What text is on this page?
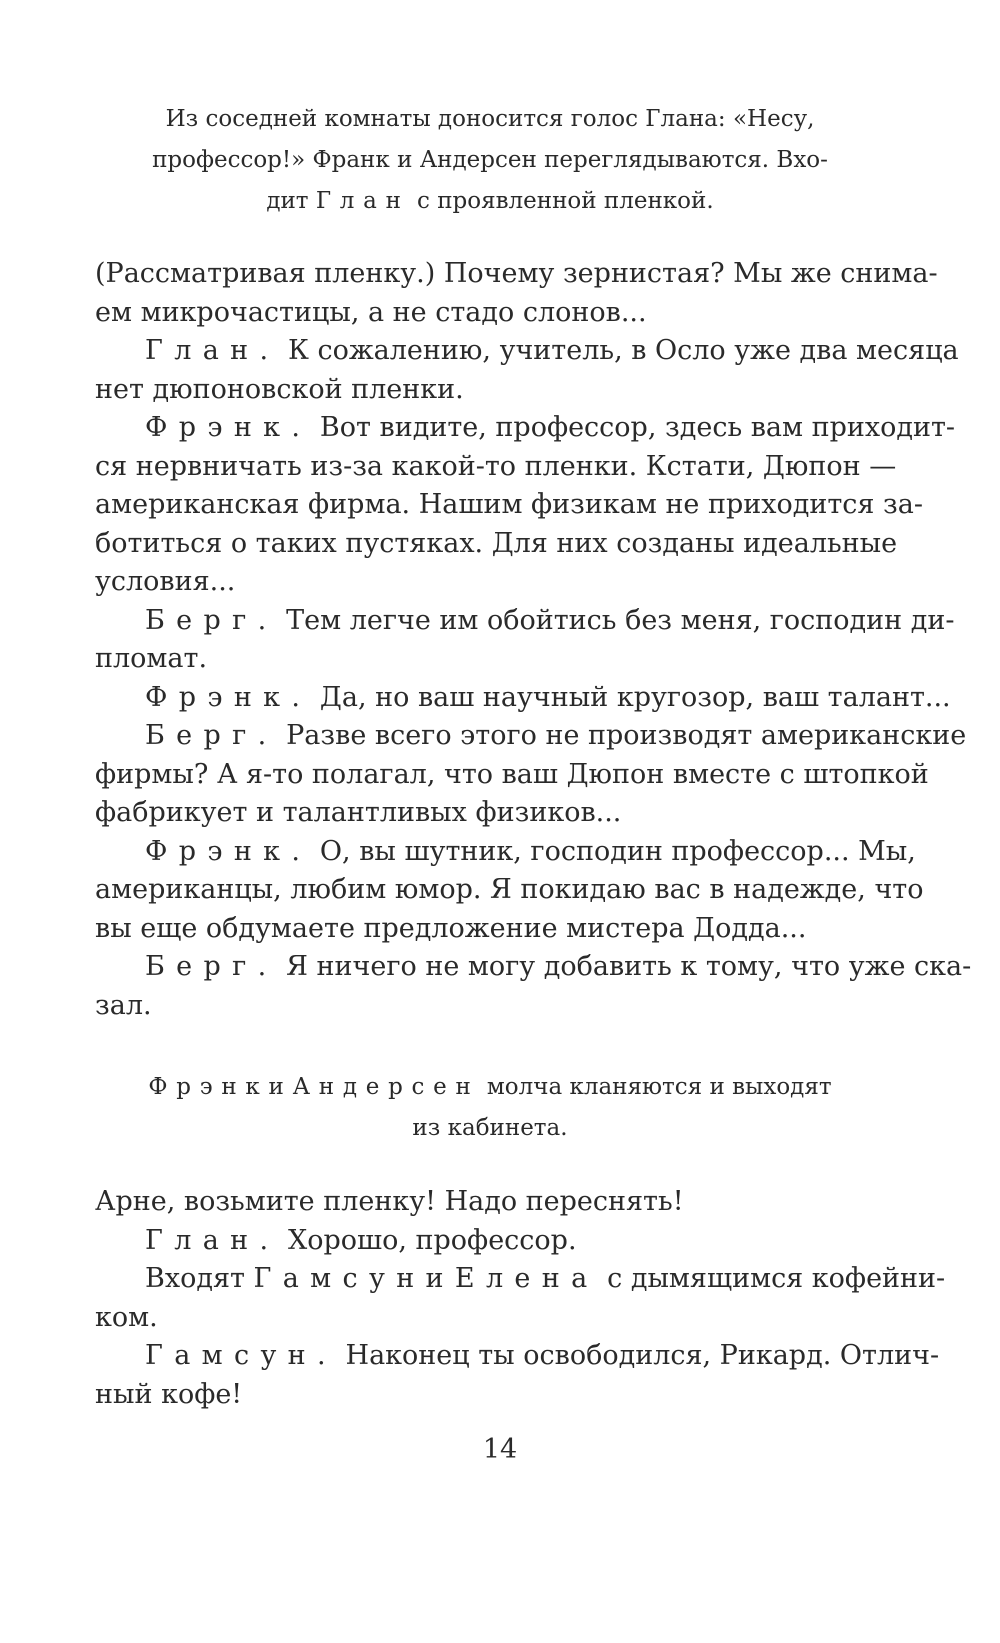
Из соседней комнаты доносится голос Глана: «Несу,
профессор!» Франк и Андерсен переглядываются. Вхо-
дит Глан с проявленной пленкой.
(Рассматривая пленку.) Почему зернистая? Мы же снима-
ем микрочастицы, а не стадо слонов...
Глан. К сожалению, учитель, в Осло уже два месяца
нет дюпоновской пленки.
Фрэнк. Вот видите, профессор, здесь вам приходит-
ся нервничать из-за какой-то пленки. Кстати, Дюпон —
американская фирма. Нашим физикам не приходится за-
ботиться о таких пустяках. Для них созданы идеальные
условия...
Берг. Тем легче им обойтись без меня, господин ди-
пломат.
Фрэнк. Да, но ваш научный кругозор, ваш талант...
Берг. Разве всего этого не производят американские
фирмы? А я-то полагал, что ваш Дюпон вместе с штопкой
фабрикует и талантливых физиков...
Фрэнк. О, вы шутник, господин профессор... Мы,
американцы, любим юмор. Я покидаю вас в надежде, что
вы еще обдумаете предложение мистера Додда...
Берг. Я ничего не могу добавить к тому, что уже ска-
зал.
ФрэнкиАндерсен молча кланяются и выходят
из кабинета.
Арне, возьмите пленку! Надо переснять!
Глан. Хорошо, профессор.
Входят ГамсуниЕлена с дымящимся кофейни-
ком.
Гамсун. Наконец ты освободился, Рикард. Отлич-
ный кофе!
14
